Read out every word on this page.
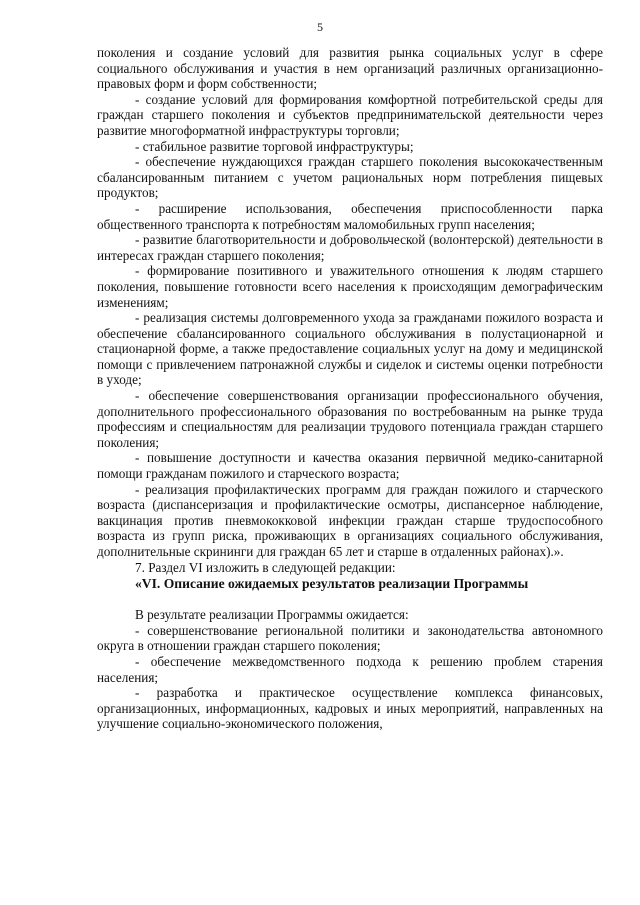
5

поколения и создание условий для развития рынка социальных услуг в сфере социального обслуживания и участия в нем организаций различных организационно-правовых форм и форм собственности;

- создание условий для формирования комфортной потребительской среды для граждан старшего поколения и субъектов предпринимательской деятельности через развитие многоформатной инфраструктуры торговли;

- стабильное развитие торговой инфраструктуры;

- обеспечение нуждающихся граждан старшего поколения высококачественным сбалансированным питанием с учетом рациональных норм потребления пищевых продуктов;

- расширение использования, обеспечения приспособленности парка общественного транспорта к потребностям маломобильных групп населения;

- развитие благотворительности и добровольческой (волонтерской) деятельности в интересах граждан старшего поколения;

- формирование позитивного и уважительного отношения к людям старшего поколения, повышение готовности всего населения к происходящим демографическим изменениям;

- реализация системы долговременного ухода за гражданами пожилого возраста и обеспечение сбалансированного социального обслуживания в полустационарной и стационарной форме, а также предоставление социальных услуг на дому и медицинской помощи с привлечением патронажной службы и сиделок и системы оценки потребности в уходе;

- обеспечение совершенствования организации профессионального обучения, дополнительного профессионального образования по востребованным на рынке труда профессиям и специальностям для реализации трудового потенциала граждан старшего поколения;

- повышение доступности и качества оказания первичной медико-санитарной помощи гражданам пожилого и старческого возраста;

- реализация профилактических программ для граждан пожилого и старческого возраста (диспансеризация и профилактические осмотры, диспансерное наблюдение, вакцинация против пневмококковой инфекции граждан старше трудоспособного возраста из групп риска, проживающих в организациях социального обслуживания, дополнительные скрининги для граждан 65 лет и старше в отдаленных районах).».

7. Раздел VI изложить в следующей редакции:

«VI. Описание ожидаемых результатов реализации Программы

В результате реализации Программы ожидается:

- совершенствование региональной политики и законодательства автономного округа в отношении граждан старшего поколения;

- обеспечение межведомственного подхода к решению проблем старения населения;

- разработка и практическое осуществление комплекса финансовых, организационных, информационных, кадровых и иных мероприятий, направленных на улучшение социально-экономического положения,
